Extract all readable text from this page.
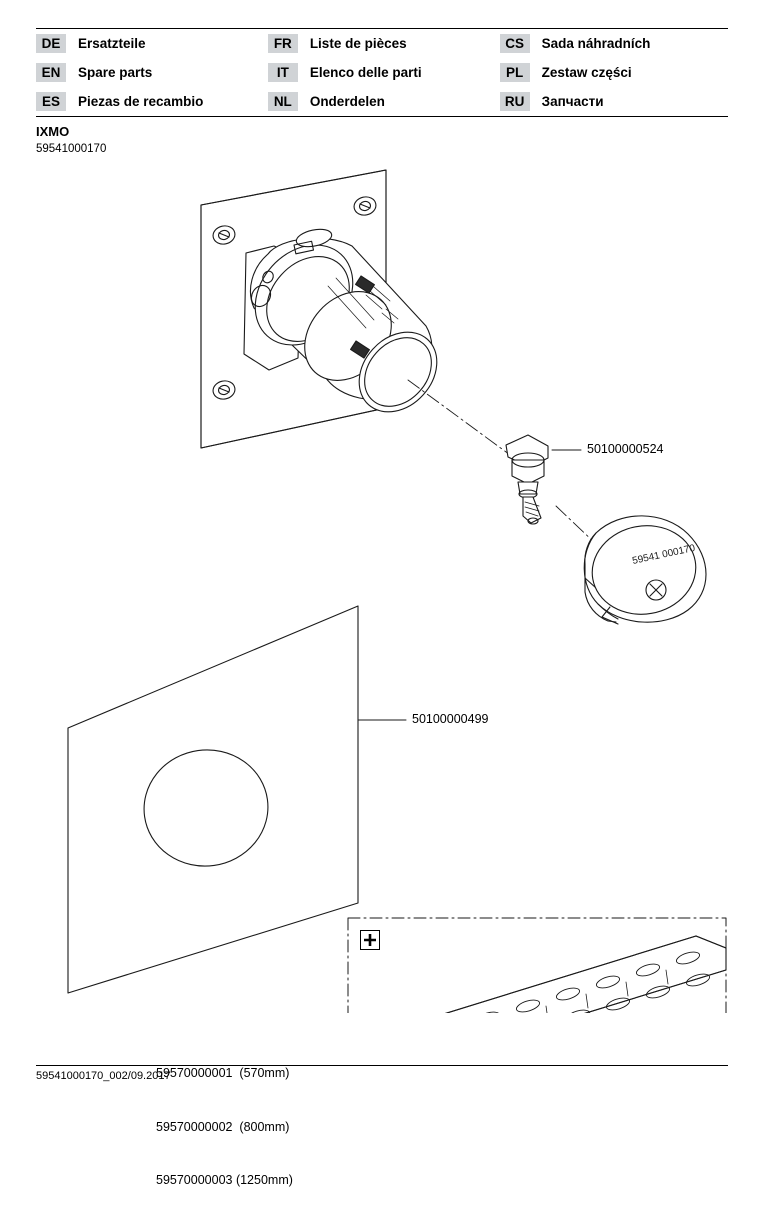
DE Ersatzteile	FR Liste de pièces	CS Sada náhradních

EN Spare parts	IT Elenco delle parti	PL Zestaw części

ES Piezas de recambio	NL Onderdelen	RU Запчасти
IXMO
59541000170
59541 000170
50100000524
50100000499

59570000001  (570mm)

59570000002  (800mm)

59570000003 (1250mm)

59541000170_002/09.2017
